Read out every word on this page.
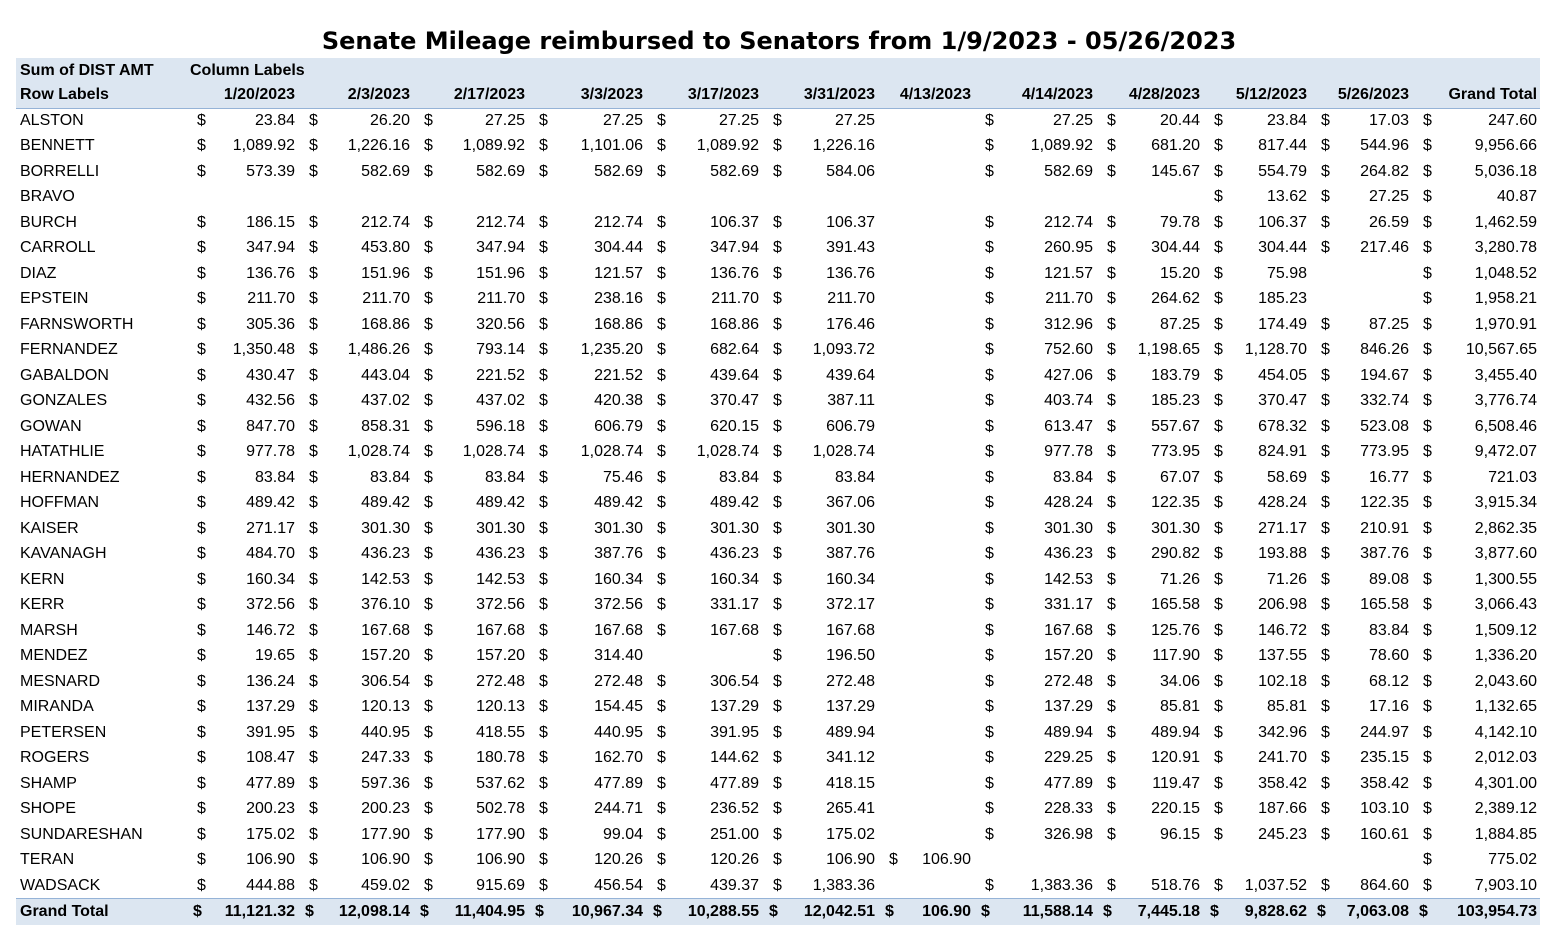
Senate Mileage reimbursed to Senators from 1/9/2023 - 05/26/2023
Sum of DIST AMT	Column Labels											
Row Labels	1/20/2023	2/3/2023	2/17/2023	3/3/2023	3/17/2023	3/31/2023	4/13/2023	4/14/2023	4/28/2023	5/12/2023	5/26/2023	Grand Total
ALSTON	$ 23.84	$ 26.20	$ 27.25	$ 27.25	$ 27.25	$ 27.25		$ 27.25	$ 20.44	$ 23.84	$ 17.03	$ 247.60

BENNETT	$ 1,089.92	$ 1,226.16	$ 1,089.92	$ 1,101.06	$ 1,089.92	$ 1,226.16		$ 1,089.92	$ 681.20	$ 817.44	$ 544.96	$ 9,956.66

BORRELLI	$ 573.39	$ 582.69	$ 582.69	$ 582.69	$ 582.69	$ 584.06		$ 582.69	$ 145.67	$ 554.79	$ 264.82	$ 5,036.18

BRAVO										$ 13.62	$ 27.25	$ 40.87

BURCH	$ 186.15	$ 212.74	$ 212.74	$ 212.74	$ 106.37	$ 106.37		$ 212.74	$ 79.78	$ 106.37	$ 26.59	$ 1,462.59

CARROLL	$ 347.94	$ 453.80	$ 347.94	$ 304.44	$ 347.94	$ 391.43		$ 260.95	$ 304.44	$ 304.44	$ 217.46	$ 3,280.78

DIAZ	$ 136.76	$ 151.96	$ 151.96	$ 121.57	$ 136.76	$ 136.76		$ 121.57	$ 15.20	$ 75.98		$ 1,048.52

EPSTEIN	$ 211.70	$ 211.70	$ 211.70	$ 238.16	$ 211.70	$ 211.70		$ 211.70	$ 264.62	$ 185.23		$ 1,958.21

FARNSWORTH	$ 305.36	$ 168.86	$ 320.56	$ 168.86	$ 168.86	$ 176.46		$ 312.96	$ 87.25	$ 174.49	$ 87.25	$ 1,970.91

FERNANDEZ	$ 1,350.48	$ 1,486.26	$ 793.14	$ 1,235.20	$ 682.64	$ 1,093.72		$ 752.60	$ 1,198.65	$ 1,128.70	$ 846.26	$ 10,567.65

GABALDON	$ 430.47	$ 443.04	$ 221.52	$ 221.52	$ 439.64	$ 439.64		$ 427.06	$ 183.79	$ 454.05	$ 194.67	$ 3,455.40

GONZALES	$ 432.56	$ 437.02	$ 437.02	$ 420.38	$ 370.47	$ 387.11		$ 403.74	$ 185.23	$ 370.47	$ 332.74	$ 3,776.74

GOWAN	$ 847.70	$ 858.31	$ 596.18	$ 606.79	$ 620.15	$ 606.79		$ 613.47	$ 557.67	$ 678.32	$ 523.08	$ 6,508.46

HATATHLIE	$ 977.78	$ 1,028.74	$ 1,028.74	$ 1,028.74	$ 1,028.74	$ 1,028.74		$ 977.78	$ 773.95	$ 824.91	$ 773.95	$ 9,472.07

HERNANDEZ	$ 83.84	$ 83.84	$ 83.84	$ 75.46	$ 83.84	$ 83.84		$ 83.84	$ 67.07	$ 58.69	$ 16.77	$ 721.03

HOFFMAN	$ 489.42	$ 489.42	$ 489.42	$ 489.42	$ 489.42	$ 367.06		$ 428.24	$ 122.35	$ 428.24	$ 122.35	$ 3,915.34

KAISER	$ 271.17	$ 301.30	$ 301.30	$ 301.30	$ 301.30	$ 301.30		$ 301.30	$ 301.30	$ 271.17	$ 210.91	$ 2,862.35

KAVANAGH	$ 484.70	$ 436.23	$ 436.23	$ 387.76	$ 436.23	$ 387.76		$ 436.23	$ 290.82	$ 193.88	$ 387.76	$ 3,877.60

KERN	$ 160.34	$ 142.53	$ 142.53	$ 160.34	$ 160.34	$ 160.34		$ 142.53	$ 71.26	$ 71.26	$ 89.08	$ 1,300.55

KERR	$ 372.56	$ 376.10	$ 372.56	$ 372.56	$ 331.17	$ 372.17		$ 331.17	$ 165.58	$ 206.98	$ 165.58	$ 3,066.43

MARSH	$ 146.72	$ 167.68	$ 167.68	$ 167.68	$ 167.68	$ 167.68		$ 167.68	$ 125.76	$ 146.72	$ 83.84	$ 1,509.12

MENDEZ	$ 19.65	$ 157.20	$ 157.20	$ 314.40		$ 196.50		$ 157.20	$ 117.90	$ 137.55	$ 78.60	$ 1,336.20

MESNARD	$ 136.24	$ 306.54	$ 272.48	$ 272.48	$ 306.54	$ 272.48		$ 272.48	$ 34.06	$ 102.18	$ 68.12	$ 2,043.60

MIRANDA	$ 137.29	$ 120.13	$ 120.13	$ 154.45	$ 137.29	$ 137.29		$ 137.29	$ 85.81	$ 85.81	$ 17.16	$ 1,132.65

PETERSEN	$ 391.95	$ 440.95	$ 418.55	$ 440.95	$ 391.95	$ 489.94		$ 489.94	$ 489.94	$ 342.96	$ 244.97	$ 4,142.10

ROGERS	$ 108.47	$ 247.33	$ 180.78	$ 162.70	$ 144.62	$ 341.12		$ 229.25	$ 120.91	$ 241.70	$ 235.15	$ 2,012.03

SHAMP	$ 477.89	$ 597.36	$ 537.62	$ 477.89	$ 477.89	$ 418.15		$ 477.89	$ 119.47	$ 358.42	$ 358.42	$ 4,301.00

SHOPE	$ 200.23	$ 200.23	$ 502.78	$ 244.71	$ 236.52	$ 265.41		$ 228.33	$ 220.15	$ 187.66	$ 103.10	$ 2,389.12

SUNDARESHAN	$ 175.02	$ 177.90	$ 177.90	$ 99.04	$ 251.00	$ 175.02		$ 326.98	$ 96.15	$ 245.23	$ 160.61	$ 1,884.85

TERAN	$ 106.90	$ 106.90	$ 106.90	$ 120.26	$ 120.26	$ 106.90	$ 106.90					$ 775.02

WADSACK	$ 444.88	$ 459.02	$ 915.69	$ 456.54	$ 439.37	$ 1,383.36		$ 1,383.36	$ 518.76	$ 1,037.52	$ 864.60	$ 7,903.10

Grand Total	$ 11,121.32	$ 12,098.14	$ 11,404.95	$ 10,967.34	$ 10,288.55	$ 12,042.51	$ 106.90	$ 11,588.14	$ 7,445.18	$ 9,828.62	$ 7,063.08	$ 103,954.73
